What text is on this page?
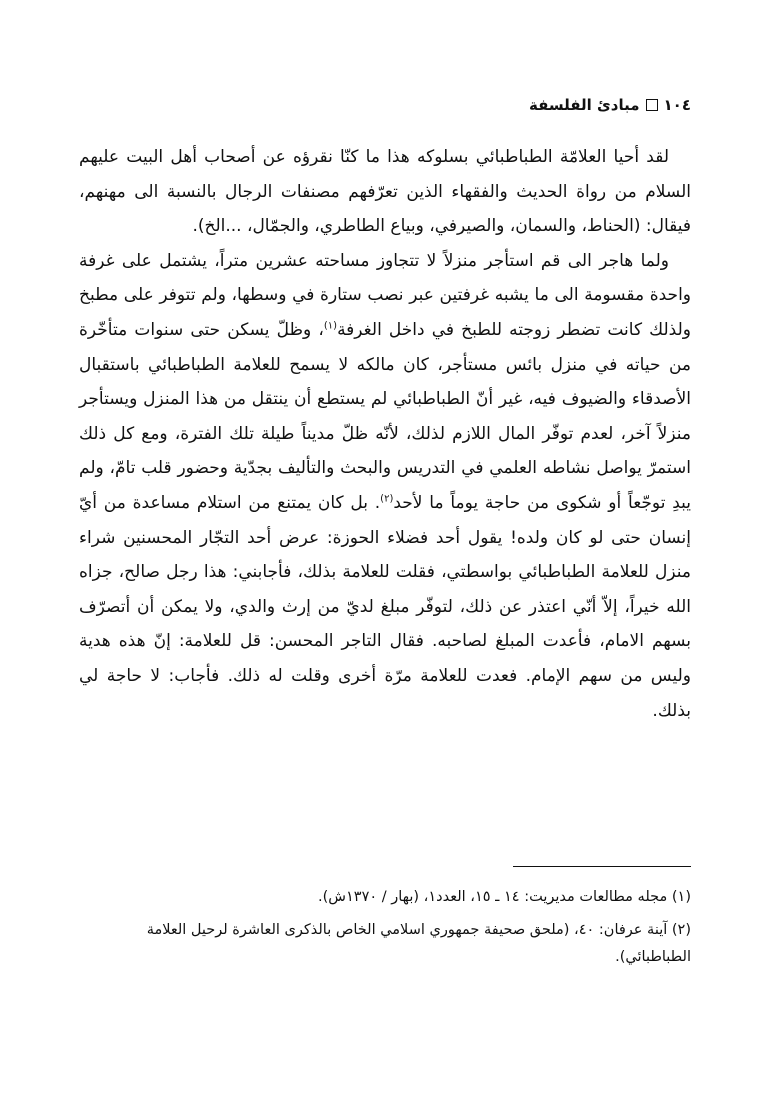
١٠٤
مبادئ الفلسفة

لقد أحيا العلامّة الطباطبائي بسلوكه هذا ما كنّا نقرؤه عن أصحاب أهل البيت عليهم السلام من رواة الحديث والفقهاء الذين تعرّفهم مصنفات الرجال بالنسبة الى مهنهم، فيقال: (الحناط، والسمان، والصيرفي، وبياع الطاطري، والجمّال، ...الخ).

ولما هاجر الى قم استأجر منزلاً لا تتجاوز مساحته عشرين متراً، يشتمل على غرفة واحدة مقسومة الى ما يشبه غرفتين عبر نصب ستارة في وسطها، ولم تتوفر على مطبخ ولذلك كانت تضطر زوجته للطبخ في داخل الغرفة$^{(١)}$، وظلّ يسكن حتى سنوات متأخّرة من حياته في منزل بائس مستأجر، كان مالكه لا يسمح للعلامة الطباطبائي باستقبال الأصدقاء والضيوف فيه، غير أنّ الطباطبائي لم يستطع أن ينتقل من هذا المنزل ويستأجر منزلاً آخر، لعدم توفّر المال اللازم لذلك، لأنّه ظلّ مديناً طيلة تلك الفترة، ومع كل ذلك استمرّ يواصل نشاطه العلمي في التدريس والبحث والتأليف بجدّية وحضور قلب تامّ، ولم يبدِ توجّعاً أو شكوى من حاجة يوماً ما لأحد$^{(٢)}$. بل كان يمتنع من استلام مساعدة من أيّ إنسان حتى لو كان ولده! يقول أحد فضلاء الحوزة: عرض أحد التجّار المحسنين شراء منزل للعلامة الطباطبائي بواسطتي، فقلت للعلامة بذلك، فأجابني: هذا رجل صالح، جزاه الله خيراً، إلاّ أنّي اعتذر عن ذلك، لتوفّر مبلغ لديّ من إرث والدي، ولا يمكن أن أتصرّف بسهم الامام، فأعدت المبلغ لصاحبه. فقال التاجر المحسن: قل للعلامة: إنّ هذه هدية وليس من سهم الإمام. فعدت للعلامة مرّة أخرى وقلت له ذلك. فأجاب: لا حاجة لي بذلك.

(١) مجله مطالعات مديريت: ١٤ ـ ١٥، العدد١، (بهار / ١٣٧٠ش).

(٢) آينة عرفان: ٤٠، (ملحق صحيفة جمهوري اسلامي الخاص بالذكرى العاشرة لرحيل العلامة الطباطبائي).
